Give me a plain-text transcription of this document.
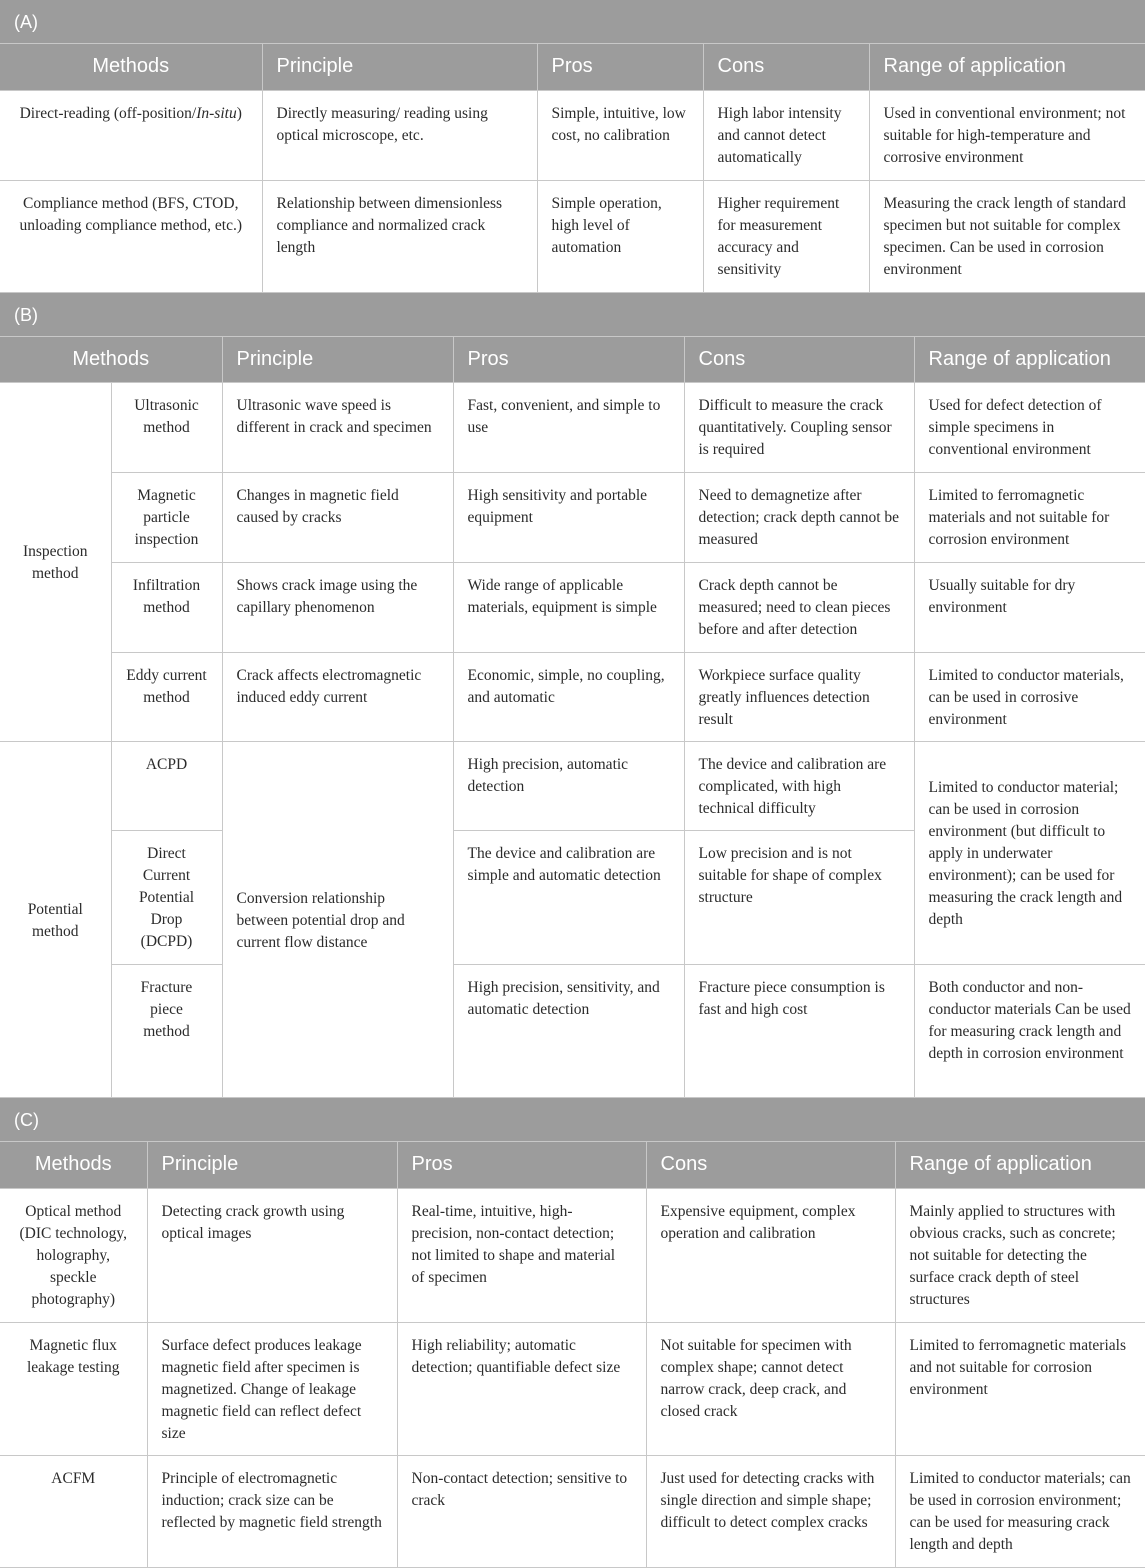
(A)
Methods	Principle	Pros	Cons	Range of application
Direct-reading (off-position/In-situ)	Directly measuring/ reading using optical microscope, etc.	Simple, intuitive, low cost, no calibration	High labor intensity and cannot detect automatically	Used in conventional environment; not suitable for high-temperature and corrosive environment
Compliance method (BFS, CTOD, unloading compliance method, etc.)	Relationship between dimensionless compliance and normalized crack length	Simple operation, high level of automation	Higher requirement for measurement accuracy and sensitivity	Measuring the crack length of standard specimen but not suitable for complex specimen. Can be used in corrosion environment
(B)
Methods		Principle	Pros	Cons	Range of application
Inspection method	Ultrasonic method	Ultrasonic wave speed is different in crack and specimen	Fast, convenient, and simple to use	Difficult to measure the crack quantitatively. Coupling sensor is required	Used for defect detection of simple specimens in conventional environment
	Magnetic particle inspection	Changes in magnetic field caused by cracks	High sensitivity and portable equipment	Need to demagnetize after detection; crack depth cannot be measured	Limited to ferromagnetic materials and not suitable for corrosion environment
	Infiltration method	Shows crack image using the capillary phenomenon	Wide range of applicable materials, equipment is simple	Crack depth cannot be measured; need to clean pieces before and after detection	Usually suitable for dry environment
	Eddy current method	Crack affects electromagnetic induced eddy current	Economic, simple, no coupling, and automatic	Workpiece surface quality greatly influences detection result	Limited to conductor materials, can be used in corrosive environment
Potential method	ACPD	Conversion relationship between potential drop and current flow distance	High precision, automatic detection	The device and calibration are complicated, with high technical difficulty	Limited to conductor material; can be used in corrosion environment (but difficult to apply in underwater environment); can be used for measuring the crack length and depth
	Direct Current Potential Drop (DCPD)		The device and calibration are simple and automatic detection	Low precision and is not suitable for shape of complex structure	
	Fracture piece method		High precision, sensitivity, and automatic detection	Fracture piece consumption is fast and high cost	Both conductor and non-conductor materials Can be used for measuring crack length and depth in corrosion environment
(C)
Methods	Principle	Pros	Cons	Range of application
Optical method (DIC technology, holography, speckle photography)	Detecting crack growth using optical images	Real-time, intuitive, high-precision, non-contact detection; not limited to shape and material of specimen	Expensive equipment, complex operation and calibration	Mainly applied to structures with obvious cracks, such as concrete; not suitable for detecting the surface crack depth of steel structures
Magnetic flux leakage testing	Surface defect produces leakage magnetic field after specimen is magnetized. Change of leakage magnetic field can reflect defect size	High reliability; automatic detection; quantifiable defect size	Not suitable for specimen with complex shape; cannot detect narrow crack, deep crack, and closed crack	Limited to ferromagnetic materials and not suitable for corrosion environment
ACFM	Principle of electromagnetic induction; crack size can be reflected by magnetic field strength	Non-contact detection; sensitive to crack	Just used for detecting cracks with single direction and simple shape; difficult to detect complex cracks	Limited to conductor materials; can be used in corrosion environment; can be used for measuring crack length and depth
